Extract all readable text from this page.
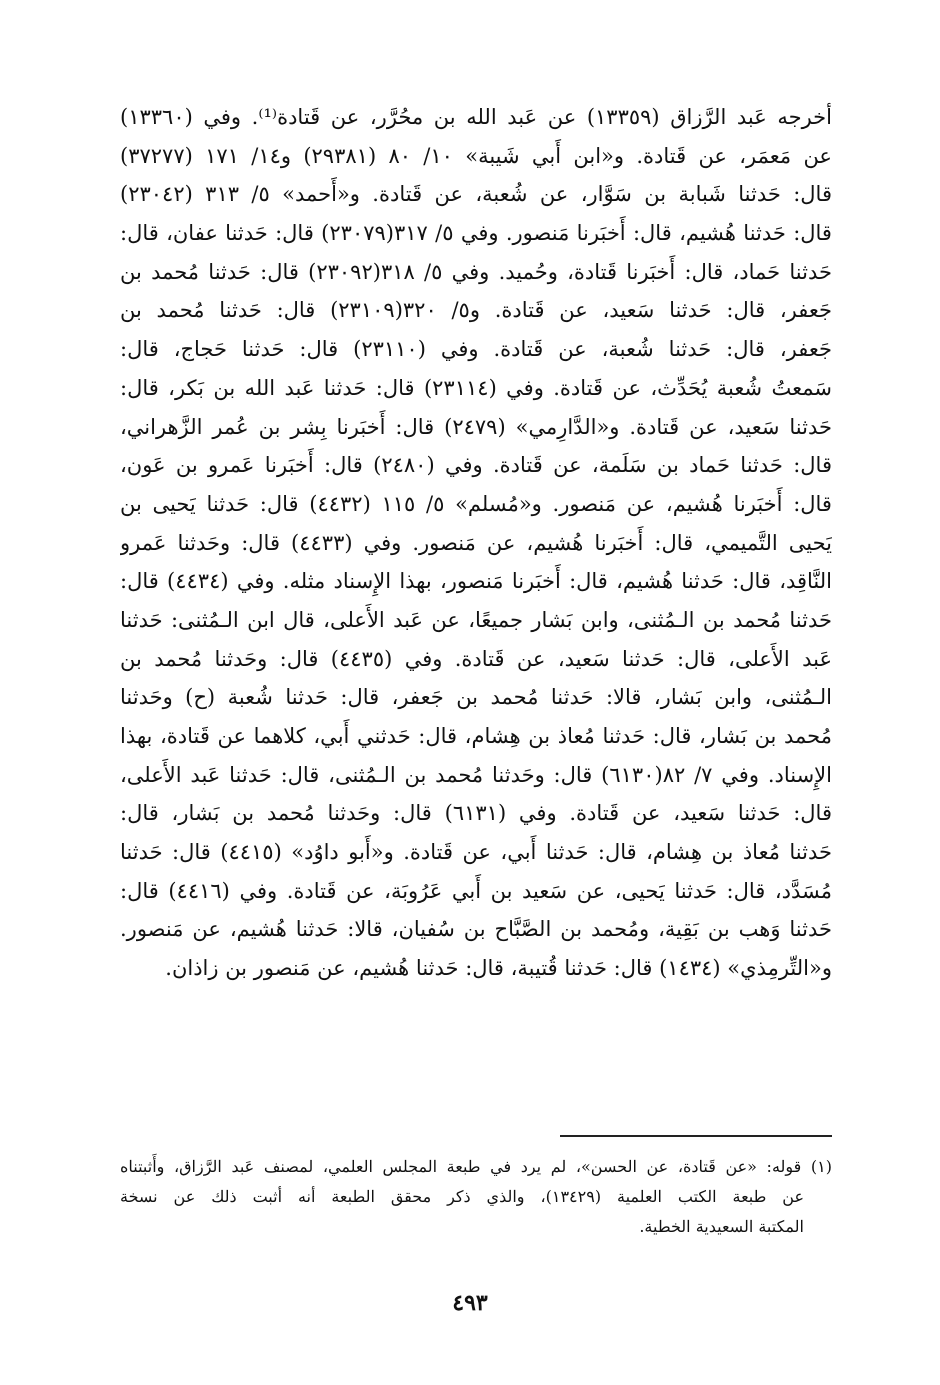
أخرجه عَبد الرَّزاق (١٣٣٥٩) عن عَبد الله بن محُرَّر، عن قَتادة⁽¹⁾. وفي (١٣٣٦٠)
عن مَعمَر، عن قَتادة. و«ابن أَبي شَيبة» ١٠/ ٨٠ (٢٩٣٨١) و١٤/ ١٧١ (٣٧٢٧٧)
قال: حَدثنا شَبابة بن سَوَّار، عن شُعبة، عن قَتادة. و«أَحمد» ٥/ ٣١٣ (٢٣٠٤٢)
قال: حَدثنا هُشيم، قال: أَخبَرنا مَنصور. وفي ٥/ ٣١٧(٢٣٠٧٩) قال: حَدثنا عفان، قال:
حَدثنا حَماد، قال: أَخبَرنا قَتادة، وحُميد. وفي ٥/ ٣١٨(٢٣٠٩٢) قال: حَدثنا مُحمد بن
جَعفر، قال: حَدثنا سَعيد، عن قَتادة. و٥/ ٣٢٠(٢٣١٠٩) قال: حَدثنا مُحمد بن
جَعفر، قال: حَدثنا شُعبة، عن قَتادة. وفي (٢٣١١٠) قال: حَدثنا حَجاج، قال:
سَمعتُ شُعبة يُحَدِّث، عن قَتادة. وفي (٢٣١١٤) قال: حَدثنا عَبد الله بن بَكر، قال:
حَدثنا سَعيد، عن قَتادة. و«الدَّارِمي» (٢٤٧٩) قال: أَخبَرنا بِشر بن عُمر الزَّهراني،
قال: حَدثنا حَماد بن سَلَمة، عن قَتادة. وفي (٢٤٨٠) قال: أَخبَرنا عَمرو بن عَون،
قال: أَخبَرنا هُشيم، عن مَنصور. و«مُسلم» ٥/ ١١٥ (٤٤٣٢) قال: حَدثنا يَحيى بن
يَحيى التَّميمي، قال: أَخبَرنا هُشيم، عن مَنصور. وفي (٤٤٣٣) قال: وحَدثنا عَمرو
النَّاقِد، قال: حَدثنا هُشيم، قال: أَخبَرنا مَنصور، بهذا الإِسناد مثله. وفي (٤٤٣٤) قال:
حَدثنا مُحمد بن الـمُثنى، وابن بَشار جميعًا، عن عَبد الأَعلى، قال ابن الـمُثنى: حَدثنا
عَبد الأَعلى، قال: حَدثنا سَعيد، عن قَتادة. وفي (٤٤٣٥) قال: وحَدثنا مُحمد بن
الـمُثنى، وابن بَشار، قالا: حَدثنا مُحمد بن جَعفر، قال: حَدثنا شُعبة (ح) وحَدثنا
مُحمد بن بَشار، قال: حَدثنا مُعاذ بن هِشام، قال: حَدثني أَبي، كلاهما عن قَتادة، بهذا
الإِسناد. وفي ٧/ ٨٢(٦١٣٠) قال: وحَدثنا مُحمد بن الـمُثنى، قال: حَدثنا عَبد الأَعلى،
قال: حَدثنا سَعيد، عن قَتادة. وفي (٦١٣١) قال: وحَدثنا مُحمد بن بَشار، قال:
حَدثنا مُعاذ بن هِشام، قال: حَدثنا أَبي، عن قَتادة. و«أَبو داوُد» (٤٤١٥) قال: حَدثنا
مُسَدَّد، قال: حَدثنا يَحيى، عن سَعيد بن أَبي عَرُوبَة، عن قَتادة. وفي (٤٤١٦) قال:
حَدثنا وَهب بن بَقِية، ومُحمد بن الصَّبَّاح بن سُفيان، قالا: حَدثنا هُشيم، عن مَنصور.
و«التِّرمِذي» (١٤٣٤) قال: حَدثنا قُتيبة، قال: حَدثنا هُشيم، عن مَنصور بن زاذان.
(١) قوله: «عن قَتادة، عن الحسن»، لم يرد في طبعة المجلس العلمي، لمصنف عَبد الرَّزاق، وأَثبتناه
عن طبعة الكتب العلمية (١٣٤٢٩)، والذي ذكر محقق الطبعة أنه أثبت ذلك عن نسخة
المكتبة السعيدية الخطية.
٤٩٣
